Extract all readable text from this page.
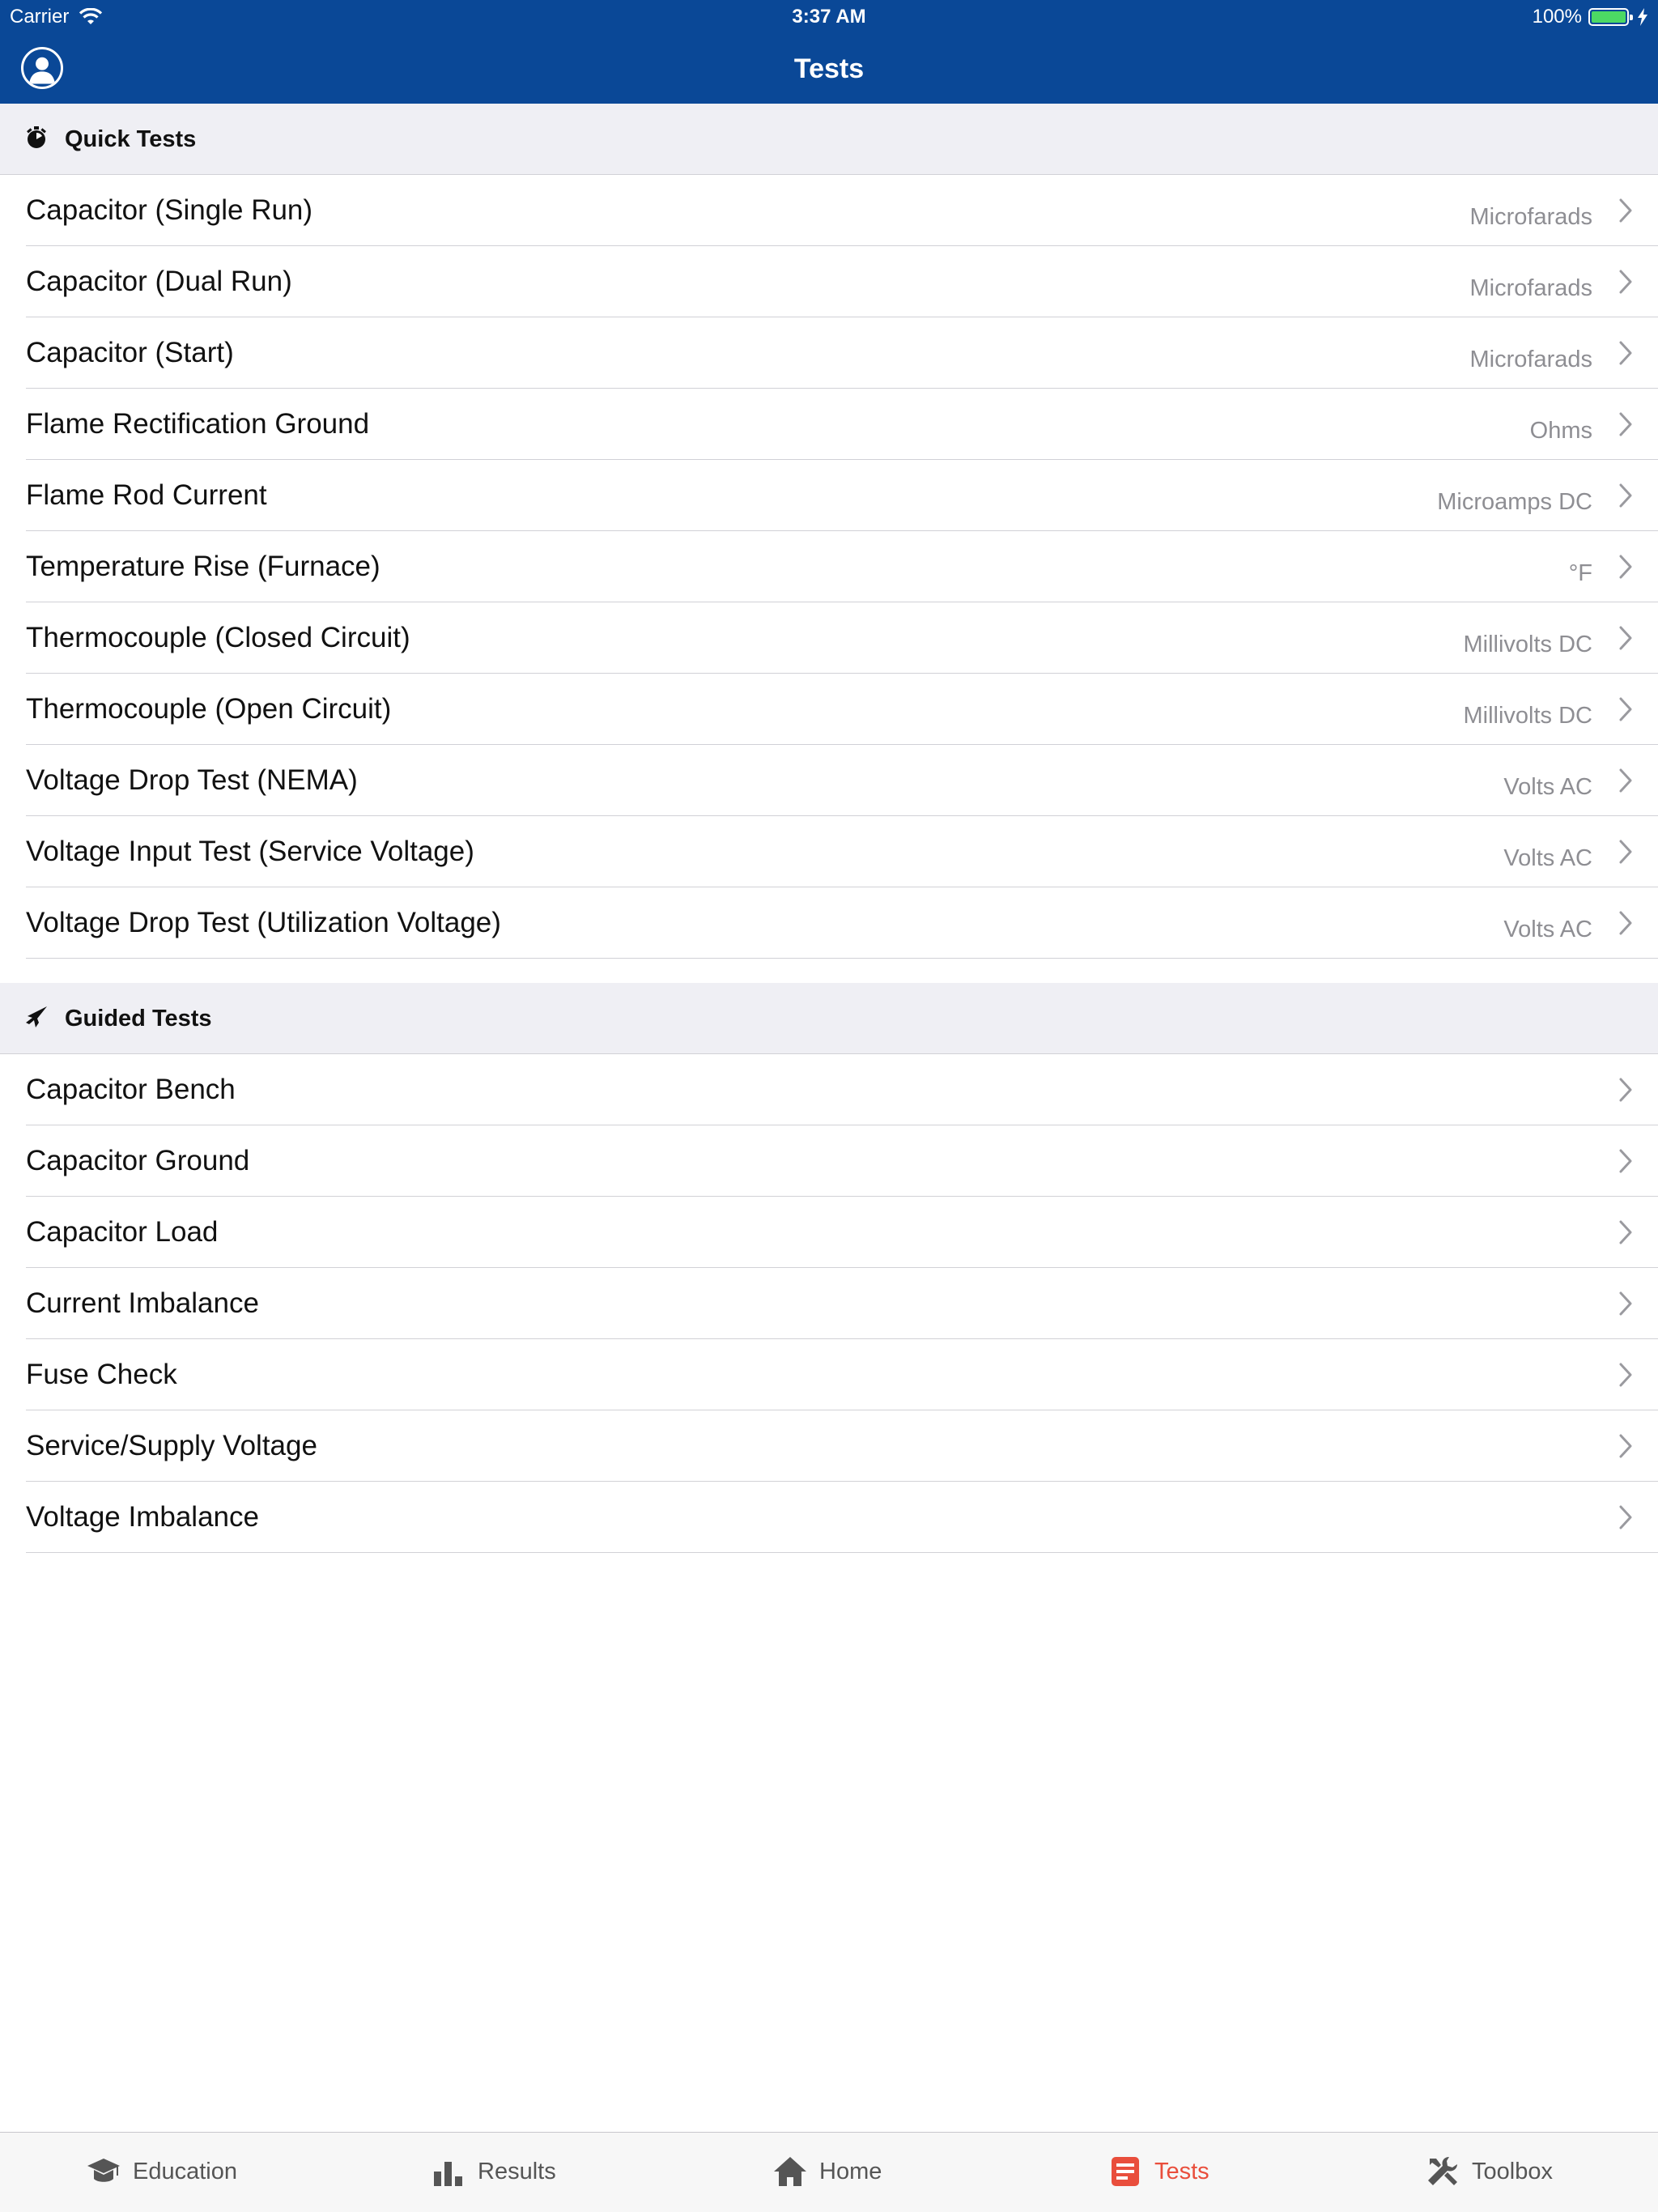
Carrier	3:37 AM	100%
Tests
Quick Tests
Capacitor (Single Run)	Microfarads
Capacitor (Dual Run)	Microfarads
Capacitor (Start)	Microfarads
Flame Rectification Ground	Ohms
Flame Rod Current	Microamps DC
Temperature Rise (Furnace)	°F
Thermocouple (Closed Circuit)	Millivolts DC
Thermocouple (Open Circuit)	Millivolts DC
Voltage Drop Test (NEMA)	Volts AC
Voltage Input Test (Service Voltage)	Volts AC
Voltage Drop Test (Utilization Voltage)	Volts AC
Guided Tests
Capacitor Bench
Capacitor Ground
Capacitor Load
Current Imbalance
Fuse Check
Service/Supply Voltage
Voltage Imbalance
Education	Results	Home	Tests	Toolbox
